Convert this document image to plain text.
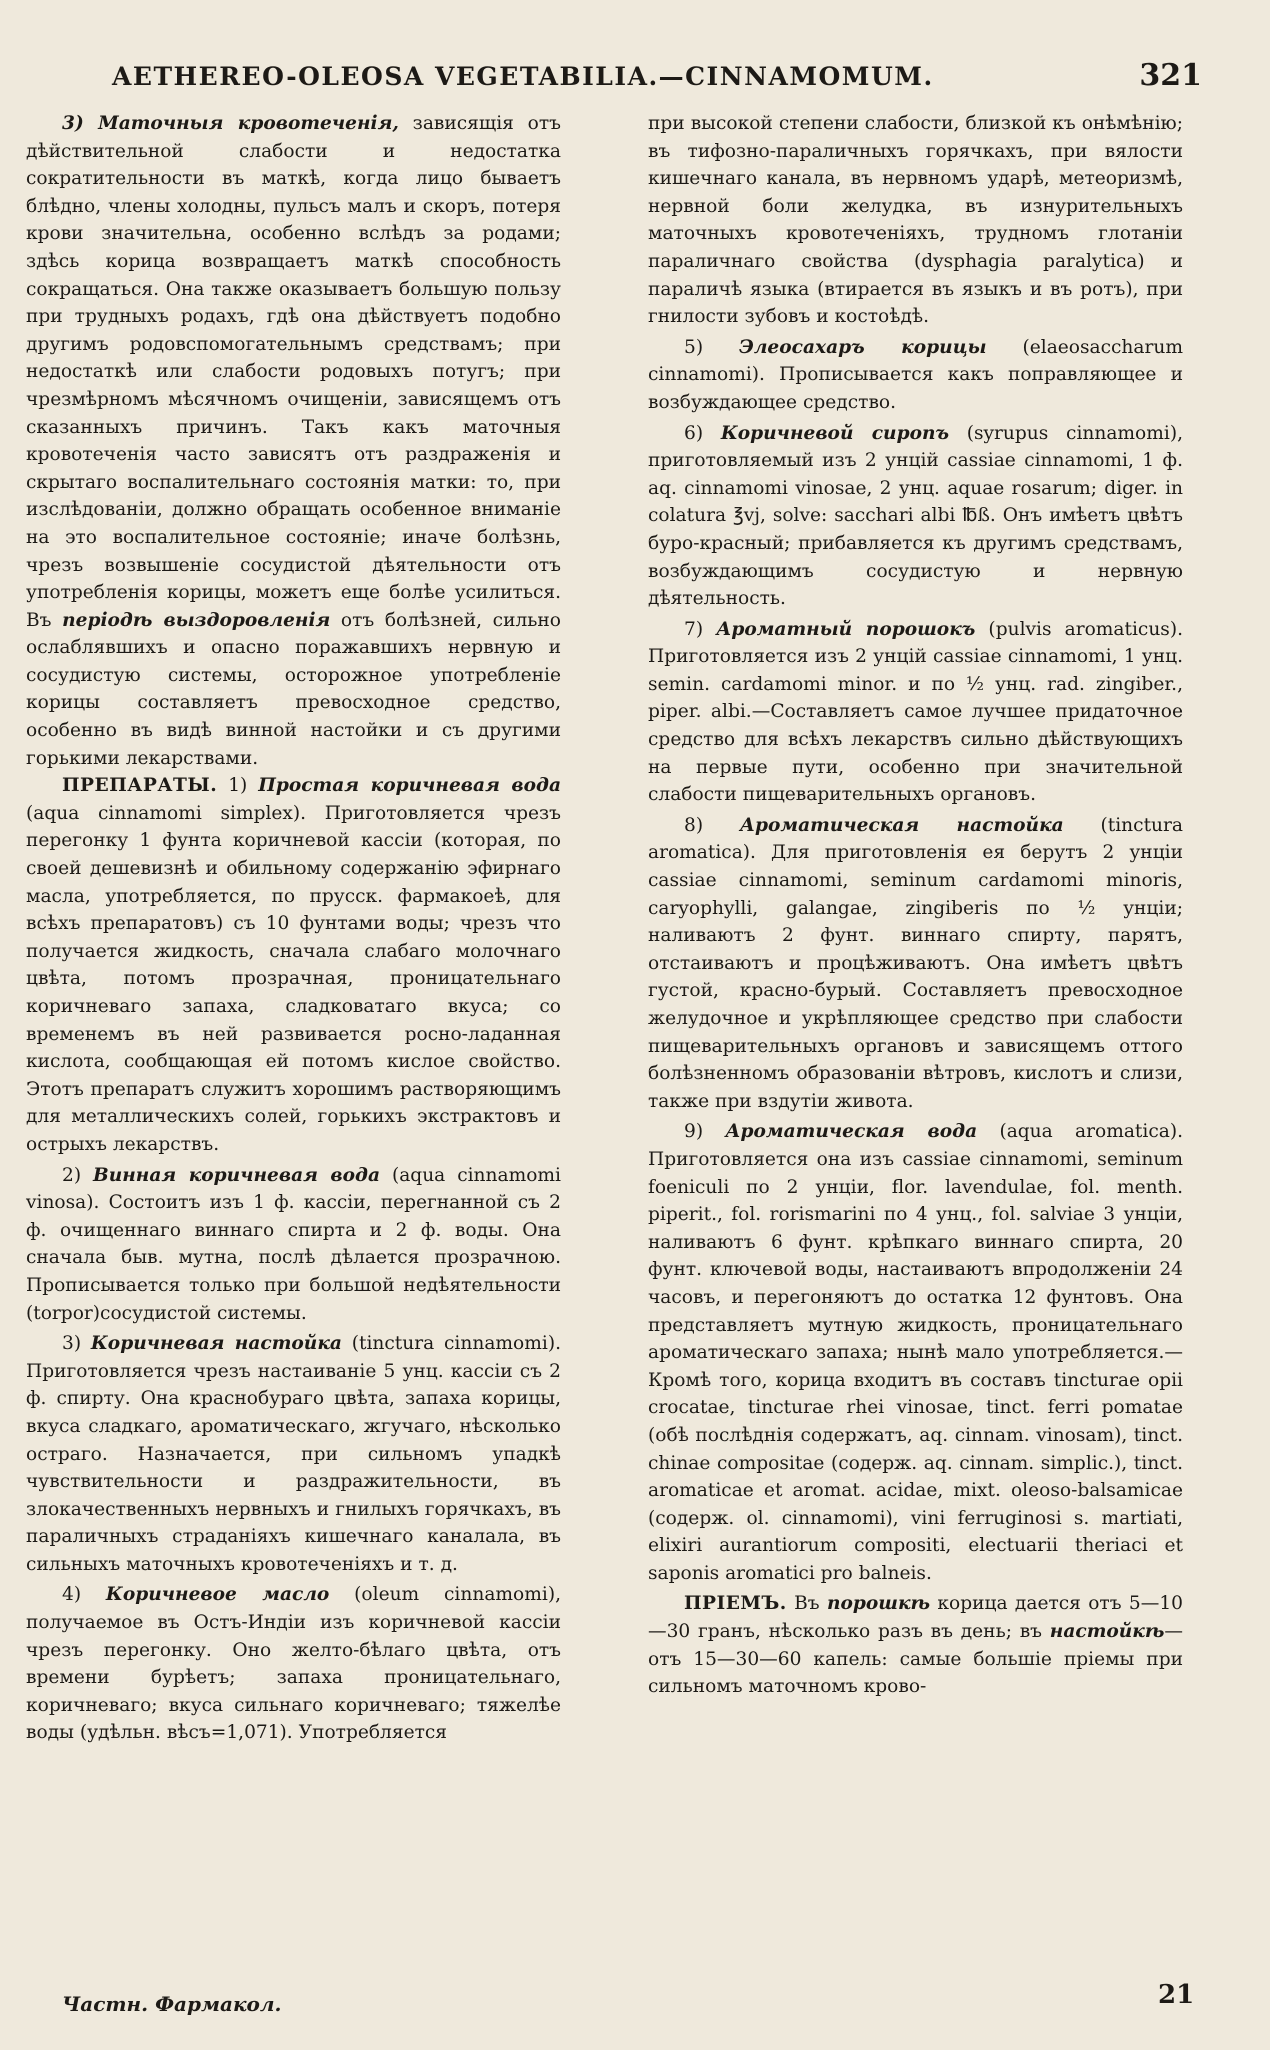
AETHEREO-OLEOSA VEGETABILIA.—CINNAMOMUM.	321

3) Маточныя кровотеченія, зависящія отъ дѣйствительной слабости и недостатка сократительности въ маткѣ, когда лицо бываетъ блѣдно, члены холодны, пульсъ малъ и скоръ, потеря крови значительна, особенно вслѣдъ за родами; здѣсь корица возвращаетъ маткѣ способность сокращаться. Она также оказываетъ большую пользу при трудныхъ родахъ, гдѣ она дѣйствуетъ подобно другимъ родовспомогательнымъ средствамъ; при недостаткѣ или слабости родовыхъ потугъ; при чрезмѣрномъ мѣсячномъ очищеніи, зависящемъ отъ сказанныхъ причинъ. Такъ какъ маточныя кровотеченія часто зависятъ отъ раздраженія и скрытаго воспалительнаго состоянія матки: то, при изслѣдованіи, должно обращать особенное вниманіе на это воспалительное состояніе; иначе болѣзнь, чрезъ возвышеніе сосудистой дѣятельности отъ употребленія корицы, можетъ еще болѣе усилиться. Въ періодѣ выздоровленія отъ болѣзней, сильно ослаблявшихъ и опасно поражавшихъ нервную и сосудистую системы, осторожное употребленіе корицы составляетъ превосходное средство, особенно въ видѣ винной настойки и съ другими горькими лекарствами.

ПРЕПАРАТЫ. 1) Простая коричневая вода (aqua cinnamomi simplex). Приготовляется чрезъ перегонку 1 фунта коричневой кассіи (которая, по своей дешевизнѣ и обильному содержанію эфирнаго масла, употребляется, по прусск. фармакоеѣ, для всѣхъ препаратовъ) съ 10 фунтами воды; чрезъ что получается жидкость, сначала слабаго молочнаго цвѣта, потомъ прозрачная, проницательнаго коричневаго запаха, сладковатаго вкуса; со временемъ въ ней развивается росно-ладанная кислота, сообщающая ей потомъ кислое свойство. Этотъ препаратъ служитъ хорошимъ растворяющимъ для металлическихъ солей, горькихъ экстрактовъ и острыхъ лекарствъ.

2) Винная коричневая вода (aqua cinnamomi vinosa). Состоитъ изъ 1 ф. кассіи, перегнанной съ 2 ф. очищеннаго виннаго спирта и 2 ф. воды. Она сначала быв. мутна, послѣ дѣлается прозрачною. Прописывается только при большой недѣятельности (torpor)сосудистой системы.

3) Коричневая настойка (tinctura cinnamomi). Приготовляется чрезъ настаиваніе 5 унц. кассіи съ 2 ф. спирту. Она краснобураго цвѣта, запаха корицы, вкуса сладкаго, ароматическаго, жгучаго, нѣсколько остраго. Назначается, при сильномъ упадкѣ чувствительности и раздражительности, въ злокачественныхъ нервныхъ и гнилыхъ горячкахъ, въ параличныхъ страданіяхъ кишечнаго каналала, въ сильныхъ маточныхъ кровотеченіяхъ и т. д.

4) Коричневое масло (oleum cinnamomi), получаемое въ Остъ-Индіи изъ коричневой кассіи чрезъ перегонку. Оно желто-бѣлаго цвѣта, отъ времени бурѣетъ; запаха проницательнаго, коричневаго; вкуса сильнаго коричневаго; тяжелѣе воды (удѣльн. вѣсъ=1,071). Употребляется

при высокой степени слабости, близкой къ онѣмѣнію; въ тифозно-параличныхъ горячкахъ, при вялости кишечнаго канала, въ нервномъ ударѣ, метеоризмѣ, нервной боли желудка, въ изнурительныхъ маточныхъ кровотеченіяхъ, трудномъ глотаніи параличнаго свойства (dysphagia paralytica) и параличѣ языка (втирается въ языкъ и въ ротъ), при гнилости зубовъ и костоѣдѣ.

5) Элеосахаръ корицы (elaeosaccharum cinnamomi). Прописывается какъ поправляющее и возбуждающее средство.

6) Коричневой сиропъ (syrupus cinnamomi), приготовляемый изъ 2 унцій cassiae cinnamomi, 1 ф. aq. cinnamomi vinosae, 2 унц. aquae rosarum; diger. in colatura ℥vj, solve: sacchari albi ℔ß. Онъ имѣетъ цвѣтъ буро-красный; прибавляется къ другимъ средствамъ, возбуждающимъ сосудистую и нервную дѣятельность.

7) Ароматный порошокъ (pulvis aromaticus). Приготовляется изъ 2 унцій cassiae cinnamomi, 1 унц. semin. cardamomi minor. и по ½ унц. rad. zingiber., piper. albi.—Составляетъ самое лучшее придаточное средство для всѣхъ лекарствъ сильно дѣйствующихъ на первые пути, особенно при значительной слабости пищеварительныхъ органовъ.

8) Ароматическая настойка (tinctura aromatica). Для приготовленія ея берутъ 2 унціи cassiae cinnamomi, seminum cardamomi minoris, caryophylli, galangae, zingiberis по ½ унціи; наливаютъ 2 фунт. виннаго спирту, парятъ, отстаиваютъ и процѣживаютъ. Она имѣетъ цвѣтъ густой, красно-бурый. Составляетъ превосходное желудочное и укрѣпляющее средство при слабости пищеварительныхъ органовъ и зависящемъ оттого болѣзненномъ образованіи вѣтровъ, кислотъ и слизи, также при вздутіи живота.

9) Ароматическая вода (aqua aromatica). Приготовляется она изъ cassiae cinnamomi, seminum foeniculi по 2 унціи, flor. lavendulae, fol. menth. piperit., fol. rorismarini по 4 унц., fol. salviae 3 унціи, наливаютъ 6 фунт. крѣпкаго виннаго спирта, 20 фунт. ключевой воды, настаиваютъ впродолженіи 24 часовъ, и перегоняютъ до остатка 12 фунтовъ. Она представляетъ мутную жидкость, проницательнаго ароматическаго запаха; нынѣ мало употребляется.—Кромѣ того, корица входитъ въ составъ tincturae opii crocatae, tincturae rhei vinosae, tinct. ferri pomatae (обѣ послѣднія содержатъ, aq. cinnam. vinosam), tinct. chinae compositae (содерж. aq. cinnam. simplic.), tinct. aromaticae et aromat. acidae, mixt. oleoso-balsamicae (содерж. ol. cinnamomi), vini ferruginosi s. martiati, elixiri aurantiorum compositi, electuarii theriacі et saponis aromatici pro balneis.

ПРІЕМЪ. Въ порошкѣ корица дается отъ 5—10—30 гранъ, нѣсколько разъ въ день; въ настойкѣ—отъ 15—30—60 капель: самые большіе пріемы при сильномъ маточномъ крово-

Частн. Фармакол.	21
